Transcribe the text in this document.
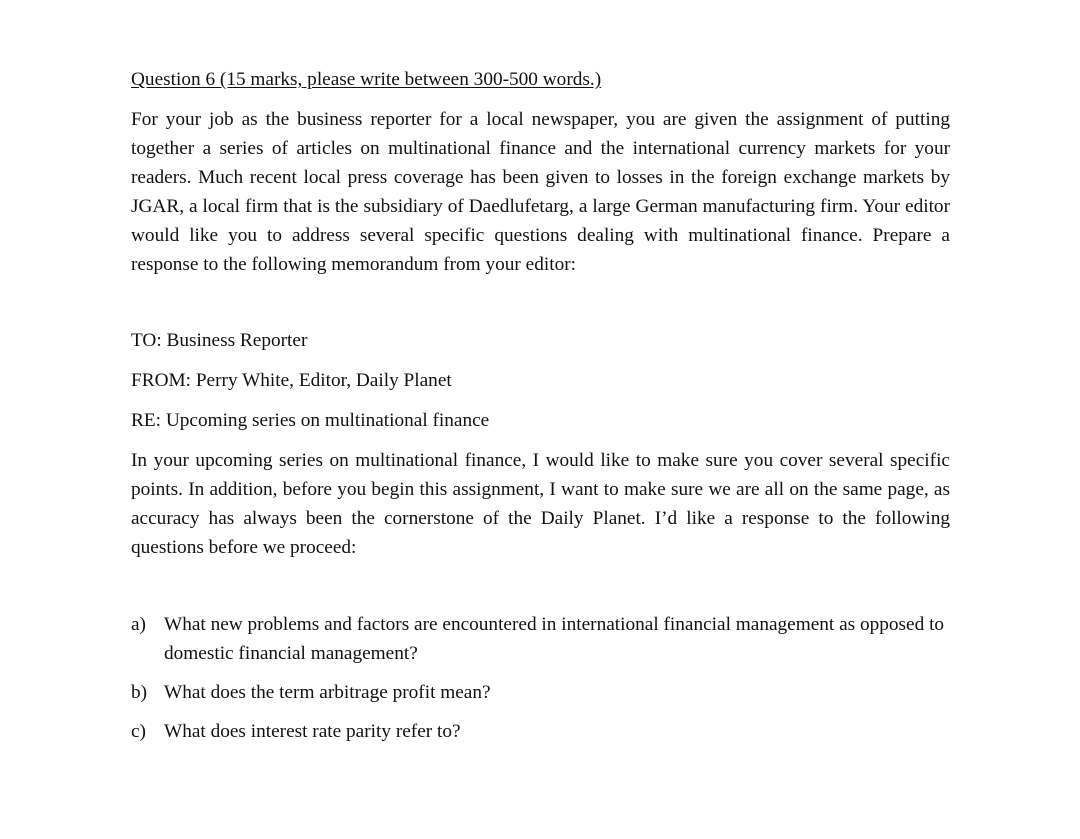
Question 6 (15 marks, please write between 300-500 words.)

For your job as the business reporter for a local newspaper, you are given the assignment of putting together a series of articles on multinational finance and the international currency markets for your readers. Much recent local press coverage has been given to losses in the foreign exchange markets by JGAR, a local firm that is the subsidiary of Daedlufetarg, a large German manufacturing firm. Your editor would like you to address several specific questions dealing with multinational finance. Prepare a response to the following memorandum from your editor:

TO: Business Reporter

FROM: Perry White, Editor, Daily Planet

RE: Upcoming series on multinational finance

In your upcoming series on multinational finance, I would like to make sure you cover several specific points. In addition, before you begin this assignment, I want to make sure we are all on the same page, as accuracy has always been the cornerstone of the Daily Planet. I’d like a response to the following questions before we proceed:

a) What new problems and factors are encountered in international financial management as opposed to domestic financial management?
b) What does the term arbitrage profit mean?
c) What does interest rate parity refer to?
